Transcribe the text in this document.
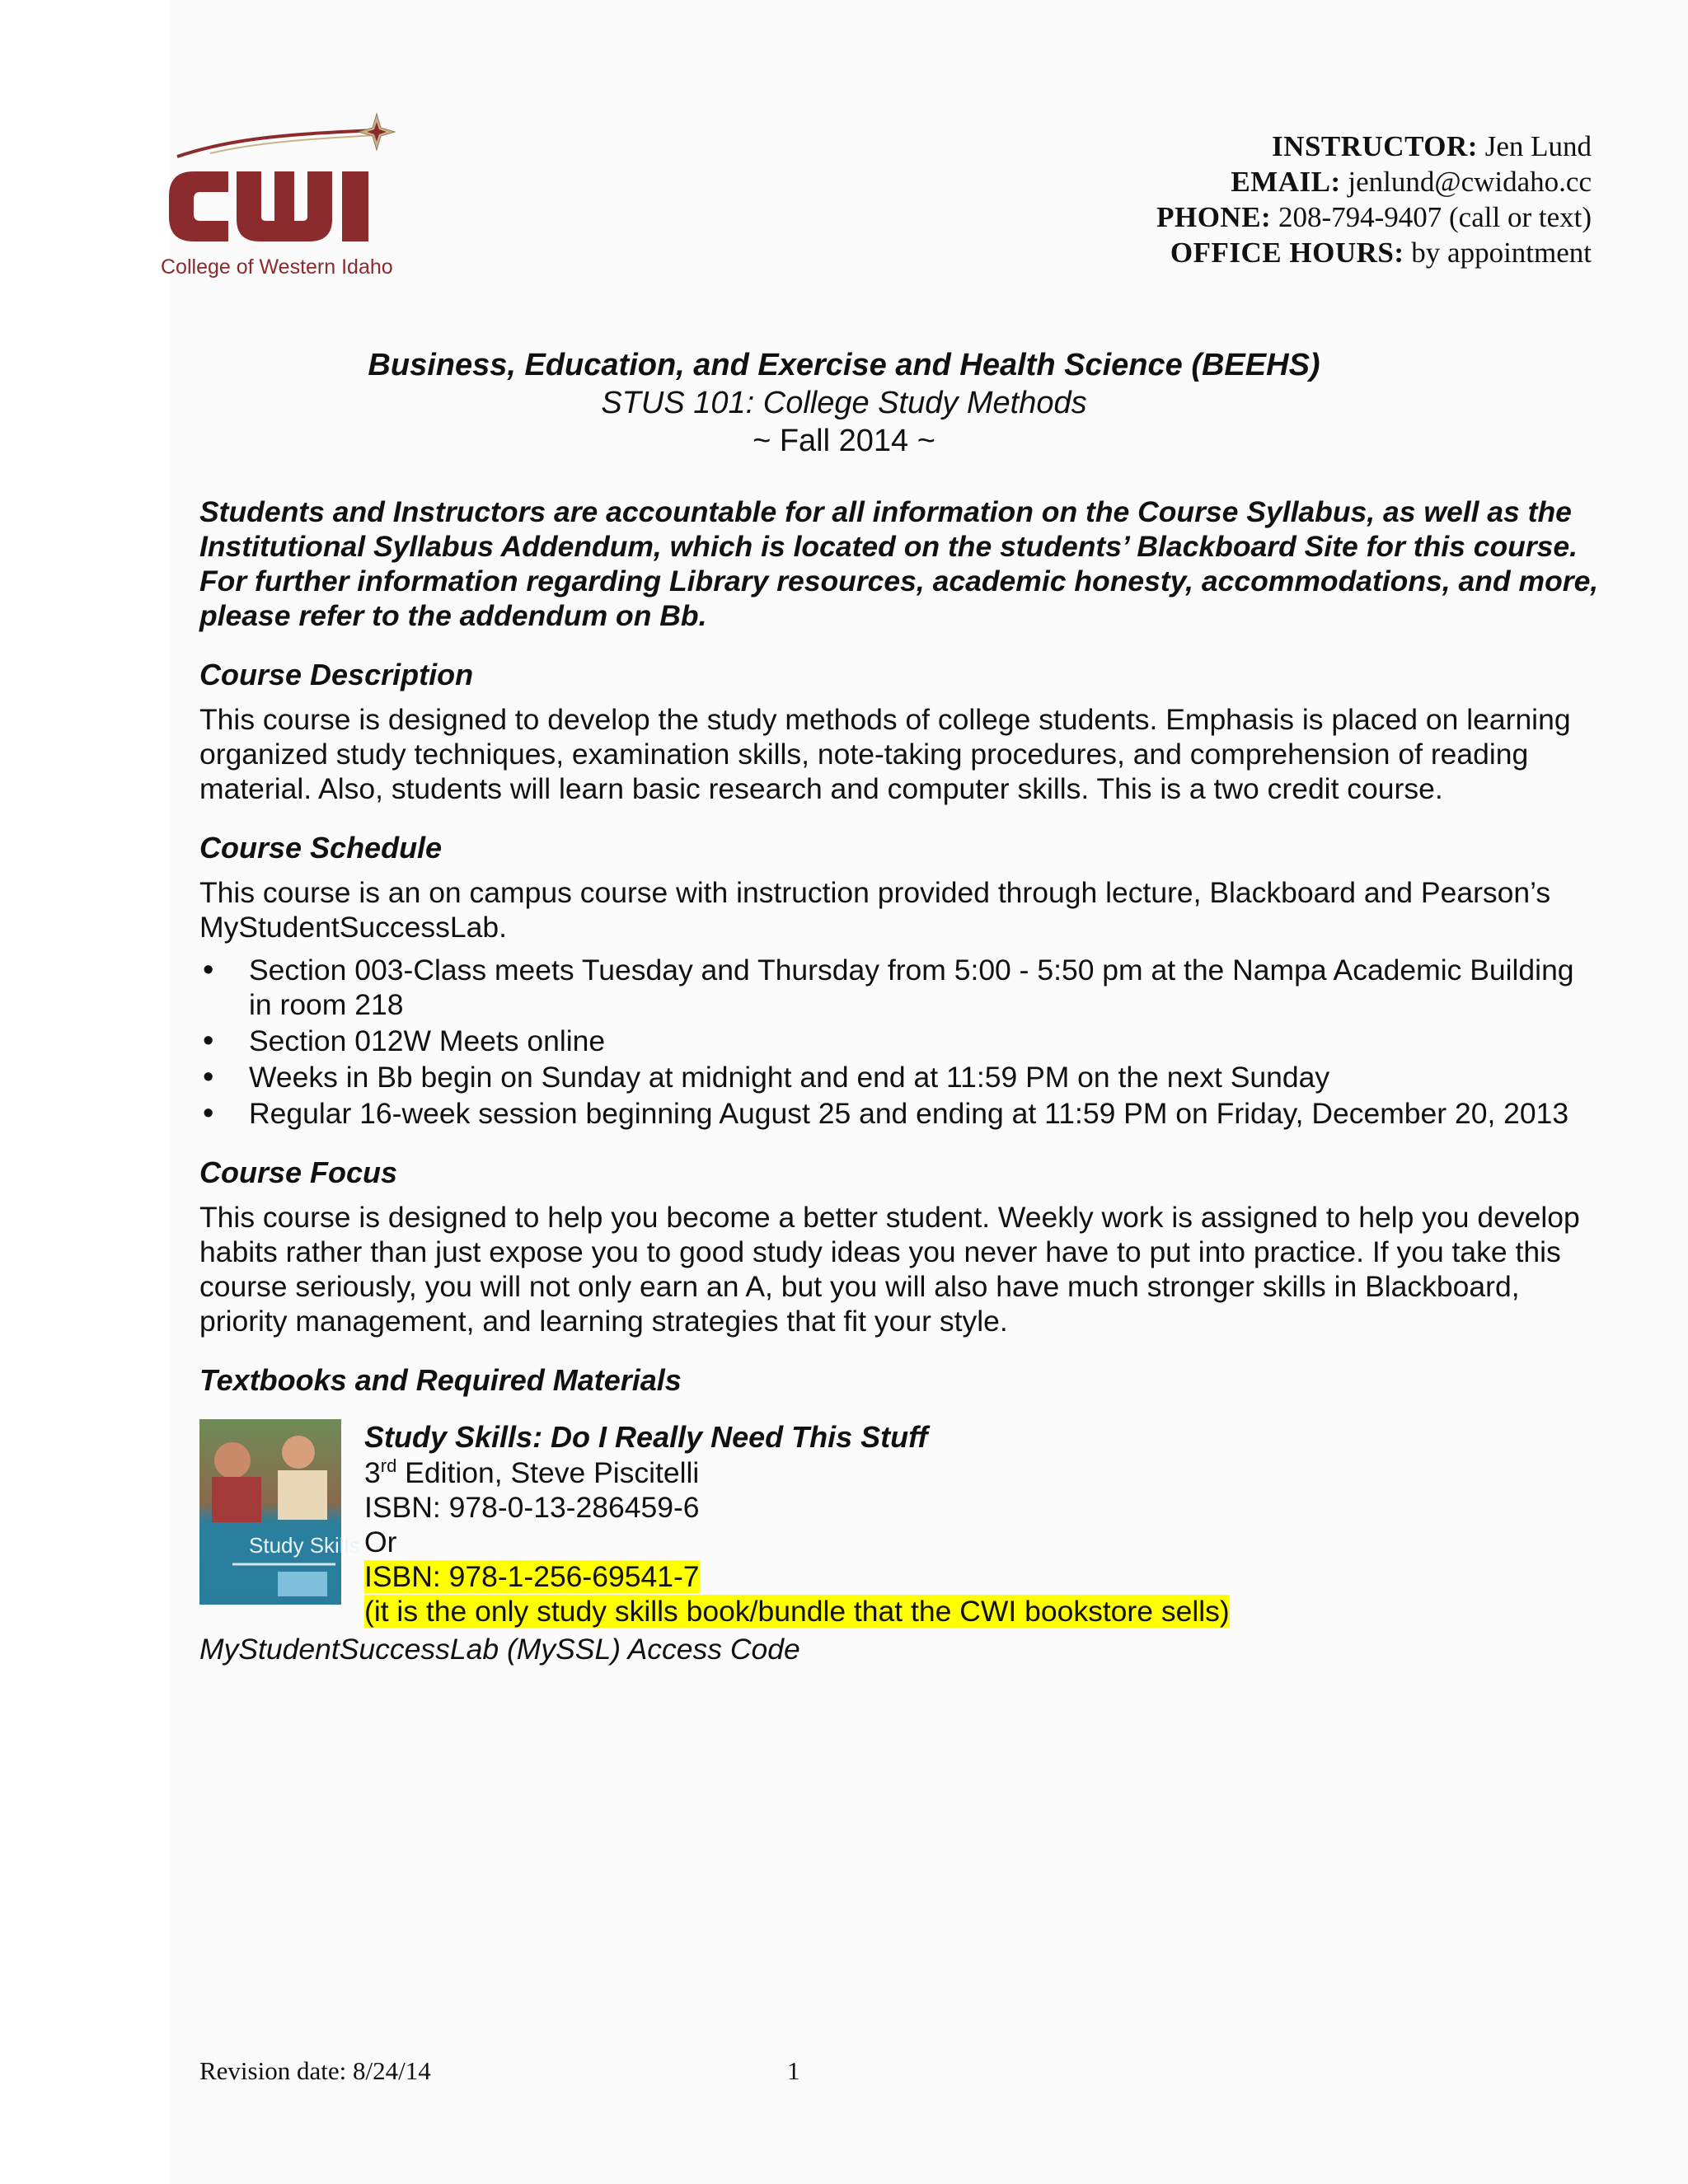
College of Western Idaho
INSTRUCTOR: Jen Lund
EMAIL: jenlund@cwidaho.cc
PHONE: 208-794-9407 (call or text)
OFFICE HOURS: by appointment
Business, Education, and Exercise and Health Science (BEEHS)
STUS 101: College Study Methods
~ Fall 2014 ~
Students and Instructors are accountable for all information on the Course Syllabus, as well as the Institutional Syllabus Addendum, which is located on the students’ Blackboard Site for this course. For further information regarding Library resources, academic honesty, accommodations, and more, please refer to the addendum on Bb.
Course Description

This course is designed to develop the study methods of college students. Emphasis is placed on learning organized study techniques, examination skills, note-taking procedures, and comprehension of reading material. Also, students will learn basic research and computer skills. This is a two credit course.

Course Schedule

This course is an on campus course with instruction provided through lecture, Blackboard and Pearson’s MyStudentSuccessLab.

• Section 003-Class meets Tuesday and Thursday from 5:00 - 5:50 pm at the Nampa Academic Building in room 218
• Section 012W Meets online
• Weeks in Bb begin on Sunday at midnight and end at 11:59 PM on the next Sunday
• Regular 16-week session beginning August 25 and ending at 11:59 PM on Friday, December 20, 2013
Course Focus

This course is designed to help you become a better student. Weekly work is assigned to help you develop habits rather than just expose you to good study ideas you never have to put into practice. If you take this course seriously, you will not only earn an A, but you will also have much stronger skills in Blackboard, priority management, and learning strategies that fit your style.

Textbooks and Required Materials
Study Skills
Study Skills: Do I Really Need This Stuff
3rd Edition, Steve Piscitelli
ISBN: 978-0-13-286459-6
Or
ISBN: 978-1-256-69541-7
(it is the only study skills book/bundle that the CWI bookstore sells)
MyStudentSuccessLab (MySSL) Access Code
Revision date: 8/24/14	1
